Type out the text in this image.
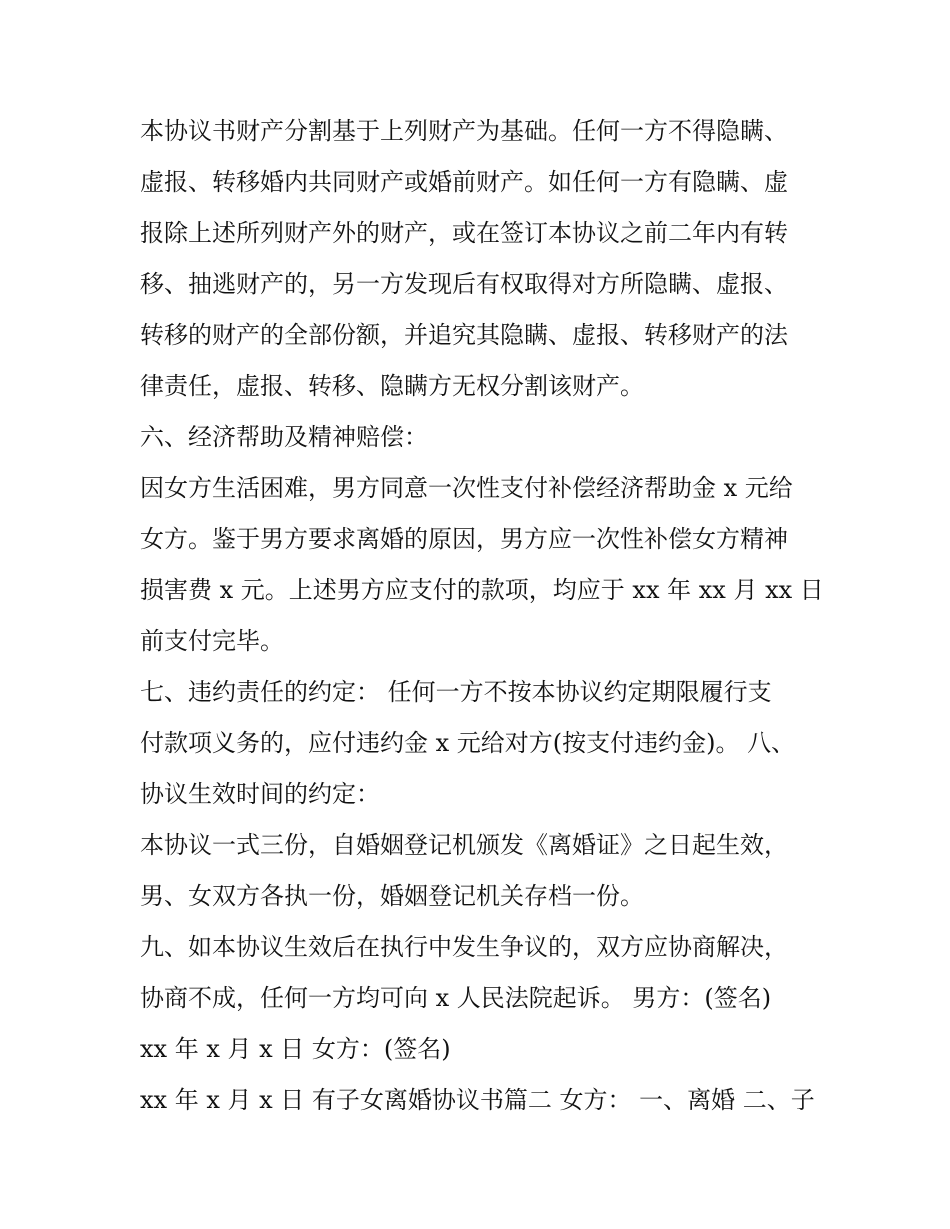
本协议书财产分割基于上列财产为基础。任何一方不得隐瞒、
虚报、转移婚内共同财产或婚前财产。如任何一方有隐瞒、虚
报除上述所列财产外的财产，或在签订本协议之前二年内有转
移、抽逃财产的，另一方发现后有权取得对方所隐瞒、虚报、
转移的财产的全部份额，并追究其隐瞒、虚报、转移财产的法
律责任，虚报、转移、隐瞒方无权分割该财产。
六、经济帮助及精神赔偿：
因女方生活困难，男方同意一次性支付补偿经济帮助金 x 元给
女方。鉴于男方要求离婚的原因，男方应一次性补偿女方精神
损害费 x 元。上述男方应支付的款项，均应于 xx 年 xx 月 xx 日
前支付完毕。
七、违约责任的约定： 任何一方不按本协议约定期限履行支
付款项义务的，应付违约金 x 元给对方(按支付违约金)。 八、
协议生效时间的约定：
本协议一式三份，自婚姻登记机颁发《离婚证》之日起生效，
男、女双方各执一份，婚姻登记机关存档一份。
九、如本协议生效后在执行中发生争议的，双方应协商解决，
协商不成，任何一方均可向 x 人民法院起诉。 男方：(签名)
xx 年 x 月 x 日 女方：(签名)
xx 年 x 月 x 日 有子女离婚协议书篇二 女方： 一、离婚 二、子
